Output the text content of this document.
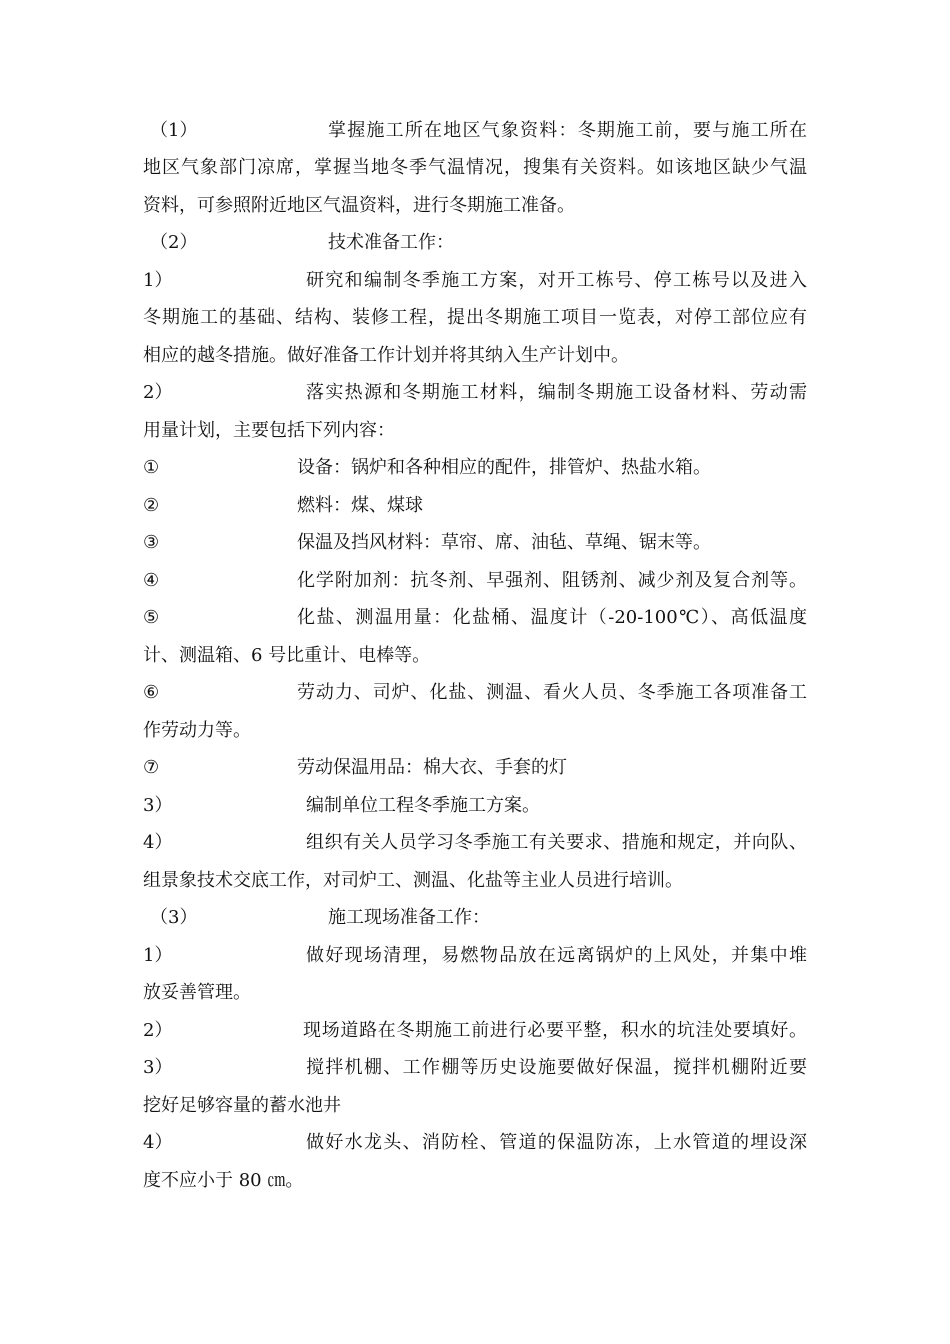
（1）	掌握施工所在地区气象资料：冬期施工前，要与施工所在
地区气象部门凉席，掌握当地冬季气温情况，搜集有关资料。如该地区缺少气温
资料，可参照附近地区气温资料，进行冬期施工准备。
（2）	技术准备工作：
1）	研究和编制冬季施工方案，对开工栋号、停工栋号以及进入
冬期施工的基础、结构、装修工程，提出冬期施工项目一览表，对停工部位应有
相应的越冬措施。做好准备工作计划并将其纳入生产计划中。
2）	落实热源和冬期施工材料，编制冬期施工设备材料、劳动需
用量计划，主要包括下列内容：
①	设备：锅炉和各种相应的配件，排管炉、热盐水箱。
②	燃料：煤、煤球
③	保温及挡风材料：草帘、席、油毡、草绳、锯末等。
④	化学附加剂：抗冬剂、早强剂、阻锈剂、减少剂及复合剂等。
⑤	化盐、测温用量：化盐桶、温度计（-20-100℃）、高低温度
计、测温箱、6 号比重计、电棒等。
⑥	劳动力、司炉、化盐、测温、看火人员、冬季施工各项准备工
作劳动力等。
⑦	劳动保温用品：棉大衣、手套的灯
3）	编制单位工程冬季施工方案。
4）	组织有关人员学习冬季施工有关要求、措施和规定，并向队、
组景象技术交底工作，对司炉工、测温、化盐等主业人员进行培训。
（3）	施工现场准备工作：
1）	做好现场清理，易燃物品放在远离锅炉的上风处，并集中堆
放妥善管理。
2）	现场道路在冬期施工前进行必要平整，积水的坑洼处要填好。
3）	搅拌机棚、工作棚等历史设施要做好保温，搅拌机棚附近要
挖好足够容量的蓄水池井
4）	做好水龙头、消防栓、管道的保温防冻，上水管道的埋设深
度不应小于 80 ㎝。
